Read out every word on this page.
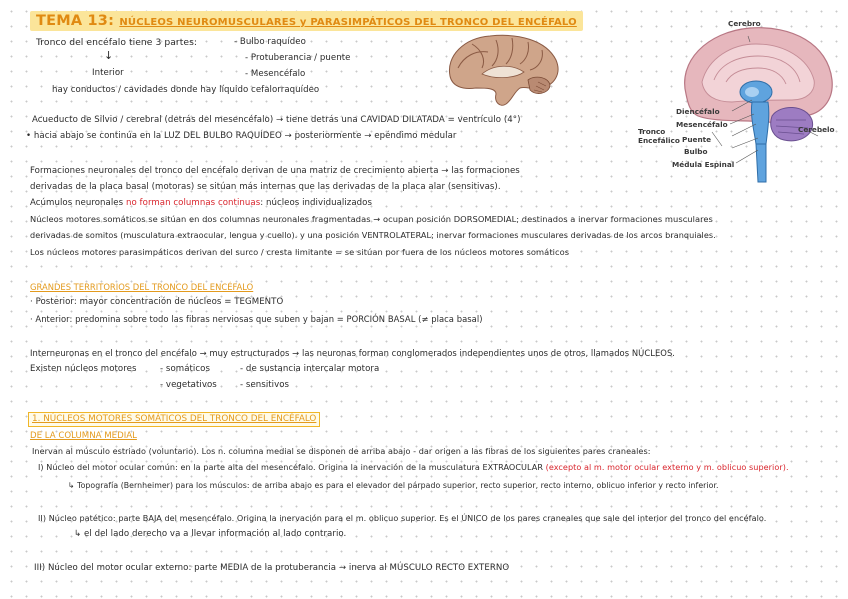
TEMA 13: NÚCLEOS NEUROMUSCULARES y PARASIMPÁTICOS DEL TRONCO DEL ENCÉFALO
Tronco del encéfalo tiene 3 partes:	- Bulbo raquídeo
- Protuberancia / puente
- Mesencéfalo
↓
Interior
hay conductos / cavidades donde hay líquido cefalorraquídeo
Cerebro
Diencéfalo
Mesencéfalo
Tronco
Encefálico Puente
Bulbo
Médula Espinal
Cerebelo
Acueducto de Silvio / cerebral (detrás del mesencéfalo) → tiene detrás una CAVIDAD DILATADA = ventrículo (4°)
• hacia abajo se continúa en la LUZ DEL BULBO RAQUÍDEO → posteriormente → epéndimo medular
Formaciones neuronales del tronco del encéfalo derivan de una matriz de crecimiento abierta → las formaciones
derivadas de la placa basal (motoras) se sitúan más internas que las derivadas de la placa alar (sensitivas).
Acúmulos neuronales no forman columnas continuas: núcleos individualizados
Núcleos motores somáticos se sitúan en dos columnas neuronales fragmentadas → ocupan posición DORSOMEDIAL; destinados a inervar formaciones musculares
derivadas de somitos (musculatura extraocular, lengua y cuello). y una posición VENTROLATERAL; inervar formaciones musculares derivadas de los arcos branquiales.
Los núcleos motores parasimpáticos derivan del surco / cresta limitante = se sitúan por fuera de los núcleos motores somáticos
GRANDES TERRITORIOS DEL TRONCO DEL ENCÉFALO
· Posterior: mayor concentración de núcleos = TEGMENTO
· Anterior: predomina sobre todo las fibras nerviosas que suben y bajan = PORCIÓN BASAL (≠ placa basal)
Interneuronas en el tronco del encéfalo → muy estructurados → las neuronas forman conglomerados independientes unos de otros, llamados NÚCLEOS.
Existen núcleos motores	- somáticos	- de sustancia intercalar motora
- vegetativos	- sensitivos
1. NÚCLEOS MOTORES SOMÁTICOS DEL TRONCO DEL ENCÉFALO
DE LA COLUMNA MEDIAL
Inervan al músculo estriado (voluntario). Los n. columna medial se disponen de arriba abajo - dar origen a las fibras de los siguientes pares craneales:
I) Núcleo del motor ocular común: en la parte alta del mesencéfalo. Origina la inervación de la musculatura EXTRAOCULAR (excepto al m. motor ocular externo y m. oblicuo superior).
↳ Topografía (Bernheimer) para los músculos: de arriba abajo es para el elevador del párpado superior, recto superior, recto interno, oblicuo inferior y recto inferior.
II) Núcleo patético: parte BAJA del mesencéfalo. Origina la inervación para el m. oblicuo superior. Es el ÚNICO de los pares craneales que sale del interior del tronco del encéfalo.
↳ el del lado derecho va a llevar información al lado contrario.
III) Núcleo del motor ocular externo: parte MEDIA de la protuberancia → inerva al MÚSCULO RECTO EXTERNO
